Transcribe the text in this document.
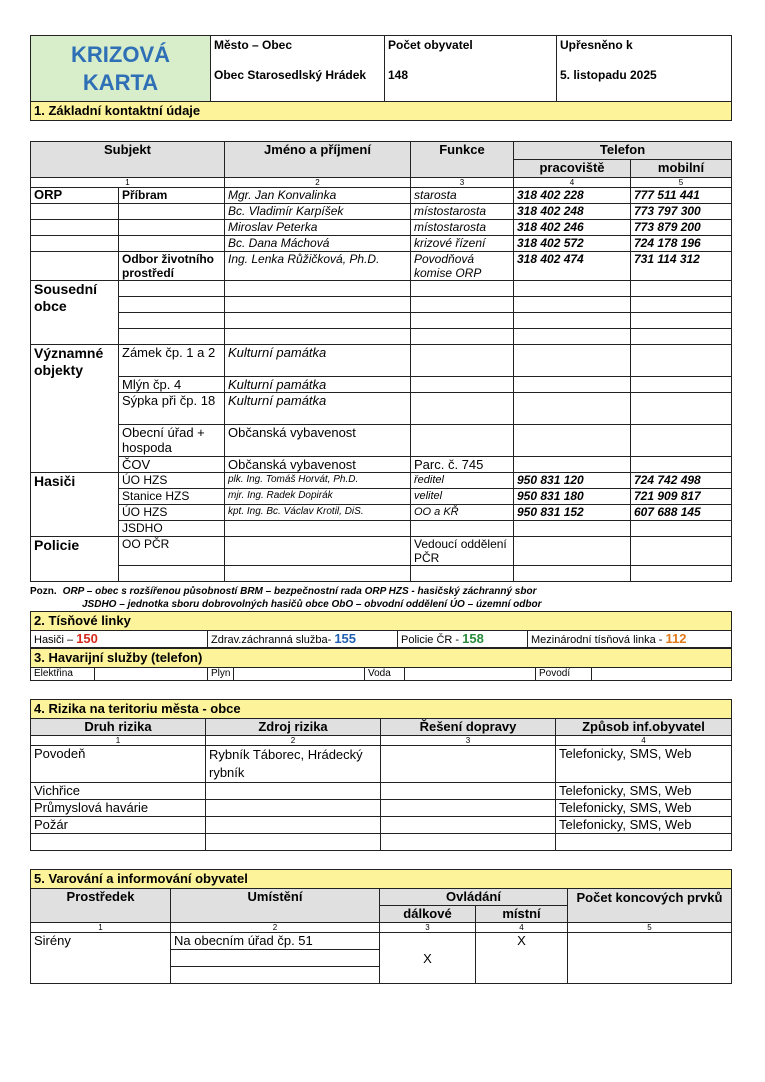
KRIZOVÁ
KARTA

Město – Obec
Obec Starosedlský Hrádek

Počet obyvatel
148

Upřesněno k
5. listopadu 2025

1. Základní kontaktní údaje
Subjekt		Jméno a příjmení	Funkce	Telefon	
				pracoviště	mobilní
1		2	3	4	5
ORP	Příbram	Mgr. Jan Konvalinka	starosta	318 402 228	777 511 441
		Bc. Vladimír Karpíšek	místostarosta	318 402 248	773 797 300
		Miroslav Peterka	místostarosta	318 402 246	773 879 200
		Bc. Dana Máchová	krizové řízení	318 402 572	724 178 196
	Odbor životního prostředí	Ing. Lenka Růžičková, Ph.D.	Povodňová komise ORP	318 402 474	731 114 312
Sousední obce					

Významné objekty	Zámek čp. 1 a 2	Kulturní památka			
	Mlýn čp. 4	Kulturní památka			
	Sýpka při čp. 18	Kulturní památka			
	Obecní úřad + hospoda	Občanská vybavenost			
	ČOV	Občanská vybavenost	Parc. č. 745		
Hasiči	ÚO HZS	plk. Ing. Tomáš Horvát, Ph.D.	ředitel	950 831 120	724 742 498
	Stanice HZS	mjr. Ing. Radek Dopirák	velitel	950 831 180	721 909 817
	ÚO HZS	kpt. Ing. Bc. Václav Krotil, DiS.	OO a KŘ	950 831 152	607 688 145
	JSDHO				
Policie	OO PČR		Vedoucí oddělení PČR		

Pozn. ORP – obec s rozšířenou působností BRM – bezpečnostní rada ORP HZS - hasičský záchranný sbor
JSDHO – jednotka sboru dobrovolných hasičů obce ObO – obvodní oddělení ÚO – územní odbor
2. Tísňové linky
Hasiči – 150	Zdrav.záchranná služba- 155	Policie ČR - 158	Mezinárodní tísňová linka - 112
3. Havarijní služby (telefon)
Elektřina		Plyn		Voda		Povodí	
4. Rizika na teritoriu města - obce			
Druh rizika	Zdroj rizika	Řešení dopravy	Způsob inf.obyvatel
1	2	3	4
Povodeň	Rybník Táborec, Hrádecký rybník		Telefonicky, SMS, Web
Vichřice			Telefonicky, SMS, Web
Průmyslová havárie			Telefonicky, SMS, Web
Požár			Telefonicky, SMS, Web

5. Varování a informování obyvatel				
Prostředek	Umístění	Ovládání		Počet koncových prvků
		dálkové	místní	
1	2	3	4	5
Sirény	Na obecním úřad čp. 51	X	X	
